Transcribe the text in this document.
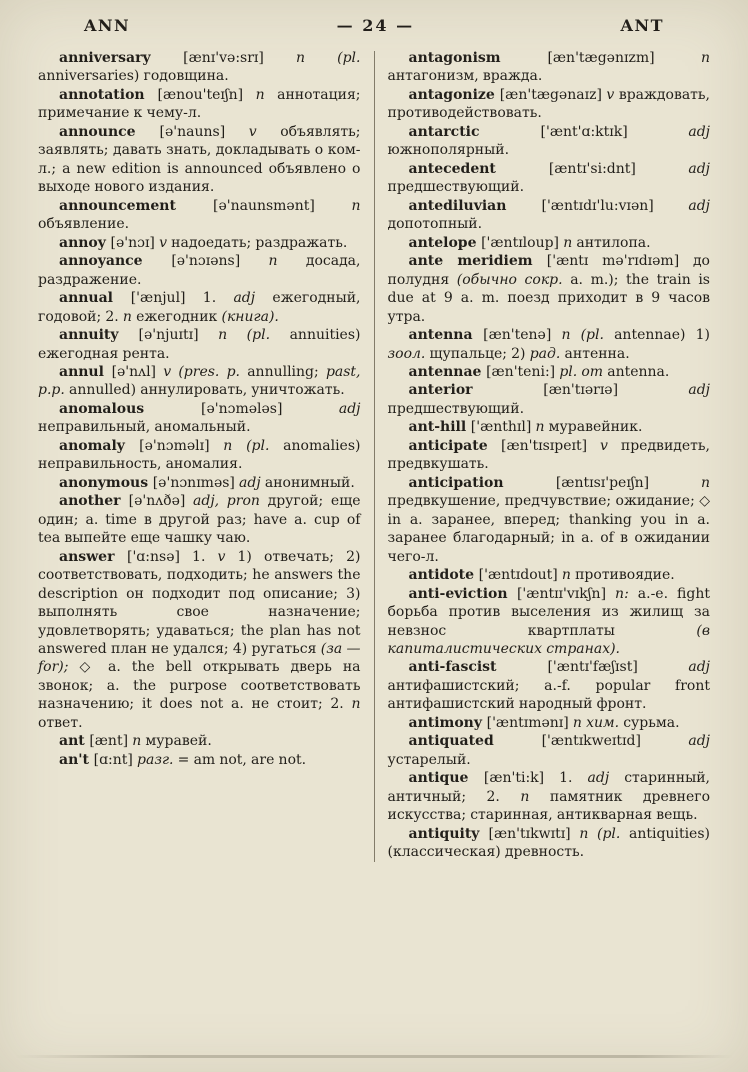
ANN	— 24 —	ANT

anniversary [ænɪ'və:srɪ] n (pl. anniversaries) годовщина.

annotation [ænou'teɪʃn] n аннотация; примечание к чему-л.

announce [ə'nauns] v объявлять; заявлять; давать знать, докладывать о ком-л.; a new edition is announced объявлено о выходе нового издания.

announcement [ə'naunsmənt] n объявление.

annoy [ə'nɔɪ] v надоедать; раздражать.

annoyance [ə'nɔɪəns] n досада, раздражение.

annual ['ænjul] 1. adj ежегодный, годовой; 2. n ежегодник (книга).

annuity [ə'njuɪtɪ] n (pl. annuities) ежегодная рента.

annul [ə'nʌl] v (pres. p. annulling; past, p.p. annulled) аннулировать, уничтожать.

anomalous [ə'nɔmələs] adj неправильный, аномальный.

anomaly [ə'nɔməlɪ] n (pl. anomalies) неправильность, аномалия.

anonymous [ə'nɔnɪməs] adj анонимный.

another [ə'nʌðə] adj, pron другой; еще один; a. time в другой раз; have a. cup of tea выпейте еще чашку чаю.

answer ['ɑ:nsə] 1. v 1) отвечать; 2) соответствовать, подходить; he answers the description он подходит под описание; 3) выполнять свое назначение; удовлетворять; удаваться; the plan has not answered план не удался; 4) ругаться (за — for); ◇ a. the bell открывать дверь на звонок; a. the purpose соответствовать назначению; it does not a. не стоит; 2. n ответ.

ant [ænt] n муравей.

an't [ɑ:nt] разг. = am not, are not.

antagonism [æn'tægənɪzm] n антагонизм, вражда.

antagonize [æn'tægənaɪz] v враждовать, противодействовать.

antarctic ['ænt'ɑ:ktɪk] adj южнополярный.

antecedent [æntɪ'si:dnt] adj предшествующий.

antediluvian ['æntɪdɪ'lu:vɪən] adj допотопный.

antelope ['æntɪloup] n антилопа.

ante meridiem ['æntɪ mə'rɪdɪəm] до полудня (обычно сокр. a. m.); the train is due at 9 a. m. поезд приходит в 9 часов утра.

antenna [æn'tenə] n (pl. antennae) 1) зоол. щупальце; 2) рад. антенна.

antennae [æn'teni:] pl. от antenna.

anterior [æn'tɪərɪə] adj предшествующий.

ant-hill ['ænthɪl] n муравейник.

anticipate [æn'tɪsɪpeɪt] v предвидеть, предвкушать.

anticipation [æntɪsɪ'peɪʃn] n предвкушение, предчувствие; ожидание; ◇ in a. заранее, вперед; thanking you in a. заранее благодарный; in a. of в ожидании чего-л.

antidote ['æntɪdout] n противоядие.

anti-eviction ['æntɪɪ'vɪkʃn] n: a.-e. fight борьба против выселения из жилищ за невзнос квартплаты (в капиталистических странах).

anti-fascist ['æntɪ'fæʃɪst] adj антифашистский; a.-f. popular front антифашистский народный фронт.

antimony ['æntɪmənɪ] n хим. сурьма.

antiquated ['æntɪkweɪtɪd] adj устарелый.

antique [æn'ti:k] 1. adj старинный, античный; 2. n памятник древнего искусства; старинная, антикварная вещь.

antiquity [æn'tɪkwɪtɪ] n (pl. antiquities) (классическая) древность.
